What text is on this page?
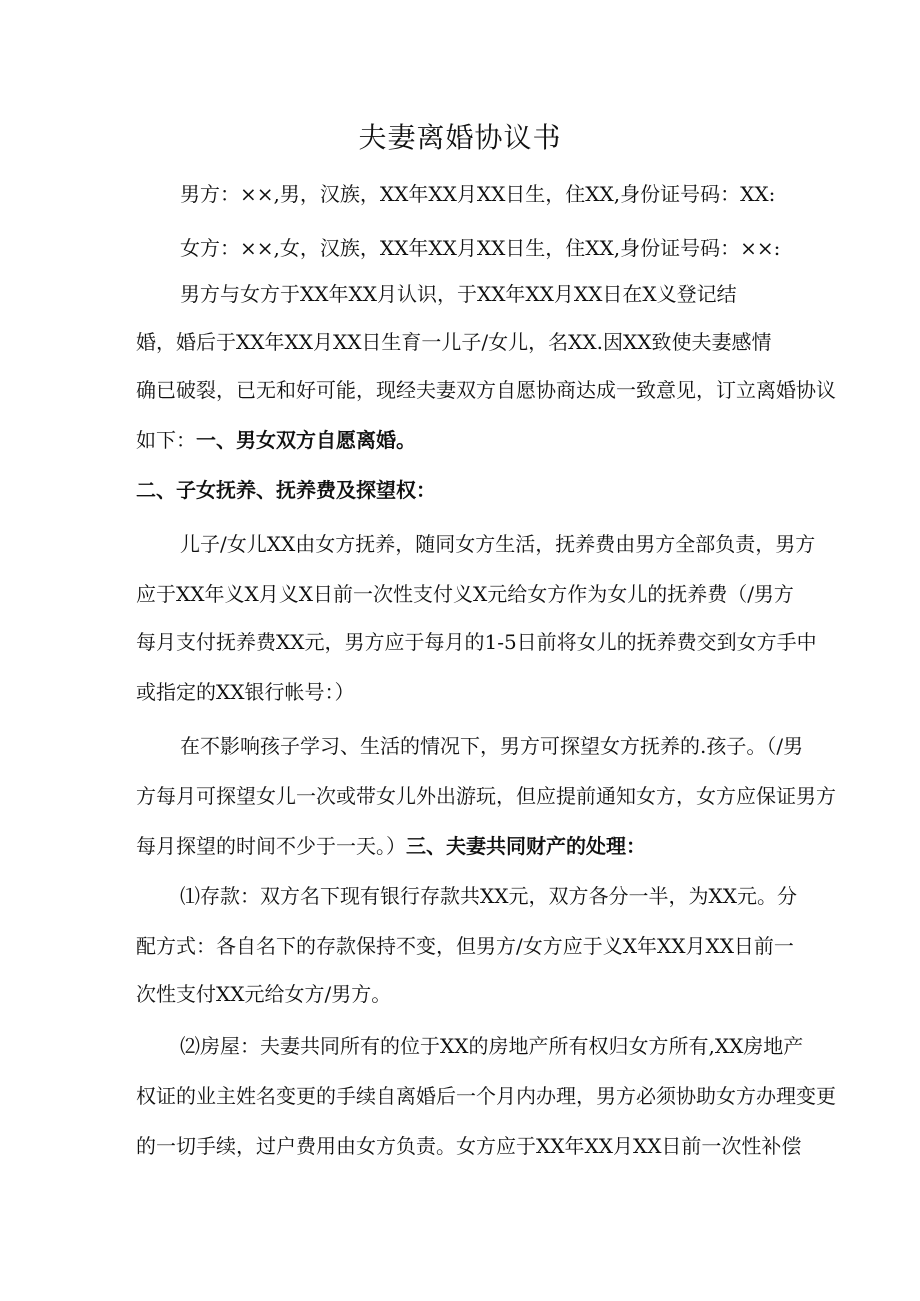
夫妻离婚协议书
男方：××,男，汉族，XX年XX月XX日生，住XX,身份证号码：XX:
女方：××,女，汉族，XX年XX月XX日生，住XX,身份证号码：××:
男方与女方于XX年XX月认识，于XX年XX月XX日在X义登记结
婚，婚后于XX年XX月XX日生育一儿子/女儿，名XX.因XX致使夫妻感情
确已破裂，已无和好可能，现经夫妻双方自愿协商达成一致意见，订立离婚协议
如下：一、男女双方自愿离婚。
二、子女抚养、抚养费及探望权：
儿子/女儿XX由女方抚养，随同女方生活，抚养费由男方全部负责，男方
应于XX年义X月义X日前一次性支付义X元给女方作为女儿的抚养费（/男方
每月支付抚养费XX元，男方应于每月的1-5日前将女儿的抚养费交到女方手中
或指定的XX银行帐号：）
在不影响孩子学习、生活的情况下，男方可探望女方抚养的.孩子。（/男
方每月可探望女儿一次或带女儿外出游玩，但应提前通知女方，女方应保证男方
每月探望的时间不少于一天。）三、夫妻共同财产的处理：
⑴存款：双方名下现有银行存款共XX元，双方各分一半，为XX元。分
配方式：各自名下的存款保持不变，但男方/女方应于义X年XX月XX日前一
次性支付XX元给女方/男方。
⑵房屋：夫妻共同所有的位于XX的房地产所有权归女方所有,XX房地产
权证的业主姓名变更的手续自离婚后一个月内办理，男方必须协助女方办理变更
的一切手续，过户费用由女方负责。女方应于XX年XX月XX日前一次性补偿
